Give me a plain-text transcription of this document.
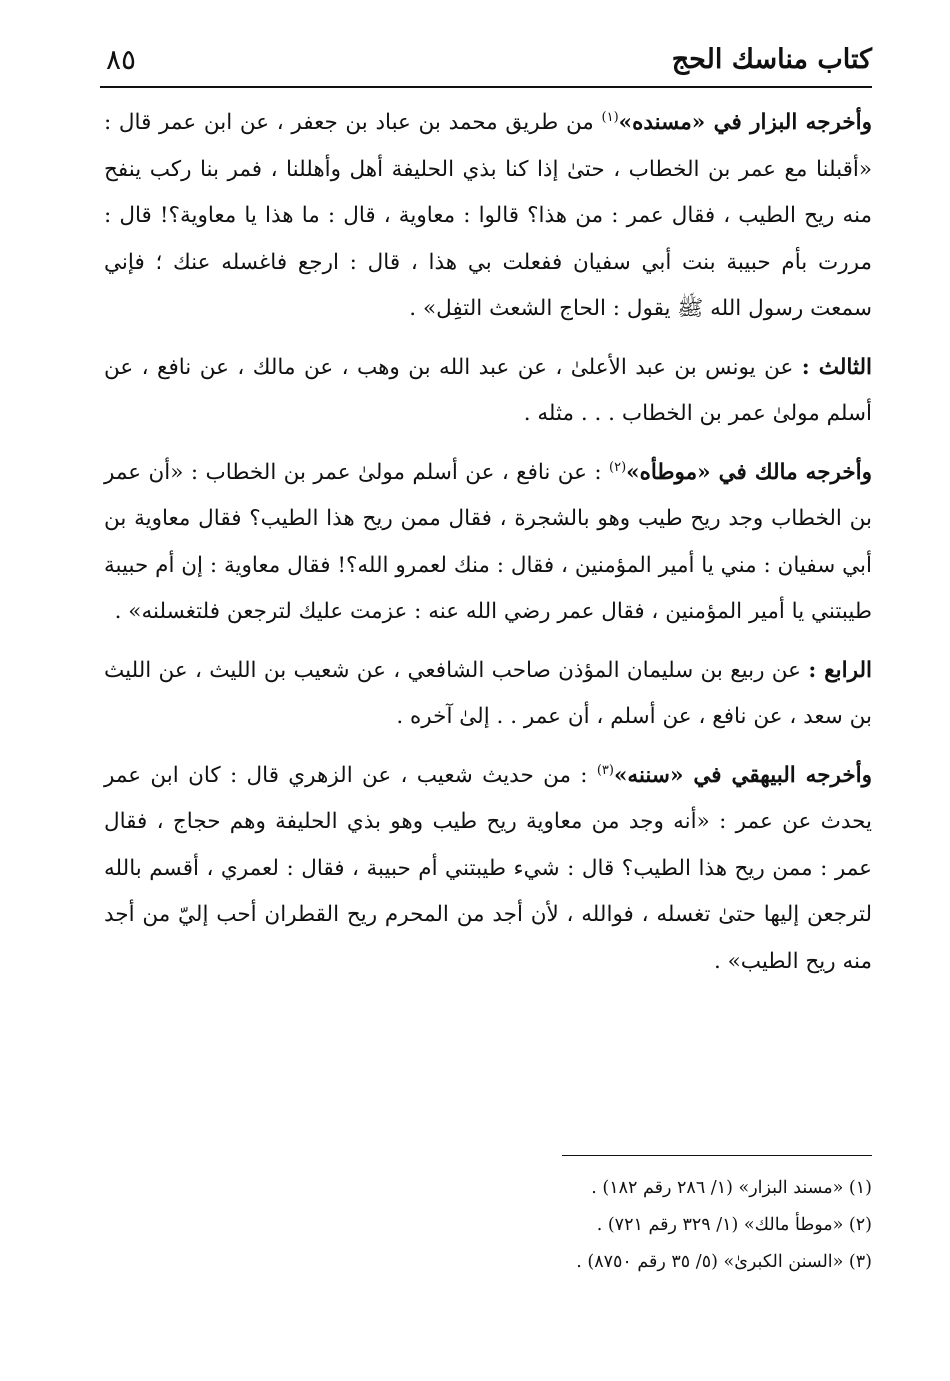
كتاب مناسك الحج
٨٥

وأخرجه البزار في «مسنده»$^{(١)}$ من طريق محمد بن عباد بن جعفر ، عن ابن عمر قال : «أقبلنا مع عمر بن الخطاب ، حتىٰ إذا كنا بذي الحليفة أهل وأهللنا ، فمر بنا ركب ينفح منه ريح الطيب ، فقال عمر : من هذا؟ قالوا : معاوية ، قال : ما هذا يا معاوية؟! قال : مررت بأم حبيبة بنت أبي سفيان ففعلت بي هذا ، قال : ارجع فاغسله عنك ؛ فإني سمعت رسول الله ﷺ يقول : الحاج الشعث التفِل» .

الثالث : عن يونس بن عبد الأعلىٰ ، عن عبد الله بن وهب ، عن مالك ، عن نافع ، عن أسلم مولىٰ عمر بن الخطاب . . . مثله .

وأخرجه مالك في «موطأه»$^{(٢)}$ : عن نافع ، عن أسلم مولىٰ عمر بن الخطاب : «أن عمر بن الخطاب وجد ريح طيب وهو بالشجرة ، فقال ممن ريح هذا الطيب؟ فقال معاوية بن أبي سفيان : مني يا أمير المؤمنين ، فقال : منك لعمرو الله؟! فقال معاوية : إن أم حبيبة طيبتني يا أمير المؤمنين ، فقال عمر رضي الله عنه : عزمت عليك لترجعن فلتغسلنه» .

الرابع : عن ربيع بن سليمان المؤذن صاحب الشافعي ، عن شعيب بن الليث ، عن الليث بن سعد ، عن نافع ، عن أسلم ، أن عمر . . إلىٰ آخره .

وأخرجه البيهقي في «سننه»$^{(٣)}$ : من حديث شعيب ، عن الزهري قال : كان ابن عمر يحدث عن عمر : «أنه وجد من معاوية ريح طيب وهو بذي الحليفة وهم حجاج ، فقال عمر : ممن ريح هذا الطيب؟ قال : شيء طيبتني أم حبيبة ، فقال : لعمري ، أقسم بالله لترجعن إليها حتىٰ تغسله ، فوالله ، لأن أجد من المحرم ريح القطران أحب إليّ من أجد منه ريح الطيب» .

(١) «مسند البزار» (١/ ٢٨٦ رقم ١٨٢) .

(٢) «موطأ مالك» (١/ ٣٢٩ رقم ٧٢١) .

(٣) «السنن الكبرىٰ» (٥/ ٣٥ رقم ٨٧٥٠) .
